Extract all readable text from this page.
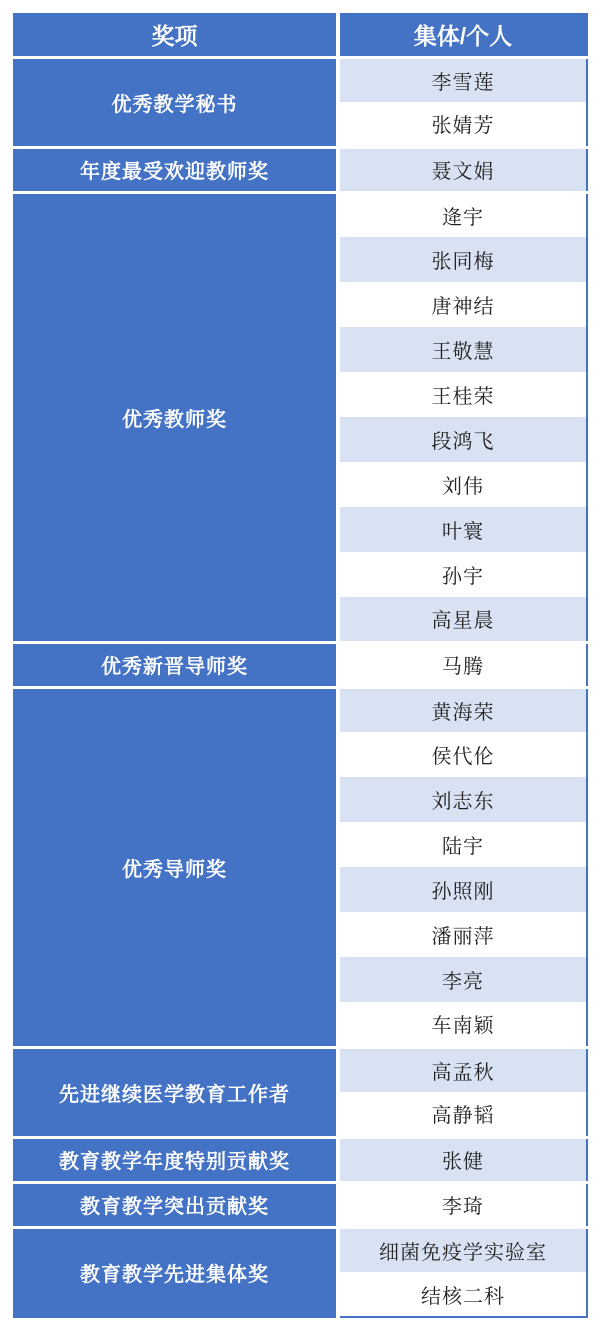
奖项	集体/个人
优秀教学秘书	李雪莲
	张婧芳
年度最受欢迎教师奖	聂文娟
优秀教师奖	逄宇
	张同梅
	唐神结
	王敬慧
	王桂荣
	段鸿飞
	刘伟
	叶寰
	孙宇
	高星晨
优秀新晋导师奖	马腾
优秀导师奖	黄海荣
	侯代伦
	刘志东
	陆宇
	孙照刚
	潘丽萍
	李亮
	车南颖
先进继续医学教育工作者	高孟秋
	高静韬
教育教学年度特别贡献奖	张健
教育教学突出贡献奖	李琦
教育教学先进集体奖	细菌免疫学实验室
	结核二科
